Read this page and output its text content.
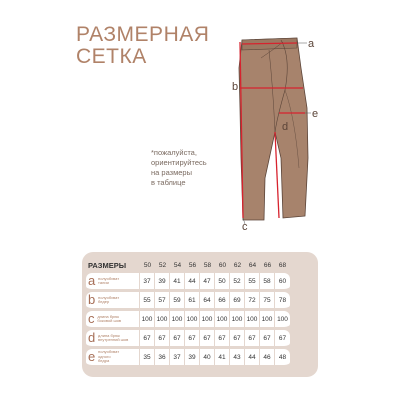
РАЗМЕРНАЯ
СЕТКА
*пожалуйста,
ориентируйтесь
на размеры
в таблице
a
b
c
d
e
РАЗМЕРЫ	50	52	54	56	58	60	62	64	66	68
a полуобхват
талии	37	39	41	44	47	50	52	55	58	60
b полуобхват
бедер	55	57	59	61	64	66	69	72	75	78
c длина брюк
боковой шов	100	100	100	100	100	100	100	100	100	100
d длина брюк
внутренний шов	67	67	67	67	67	67	67	67	67	67
e полуобхват
одного
бедра	35	36	37	39	40	41	43	44	46	48
